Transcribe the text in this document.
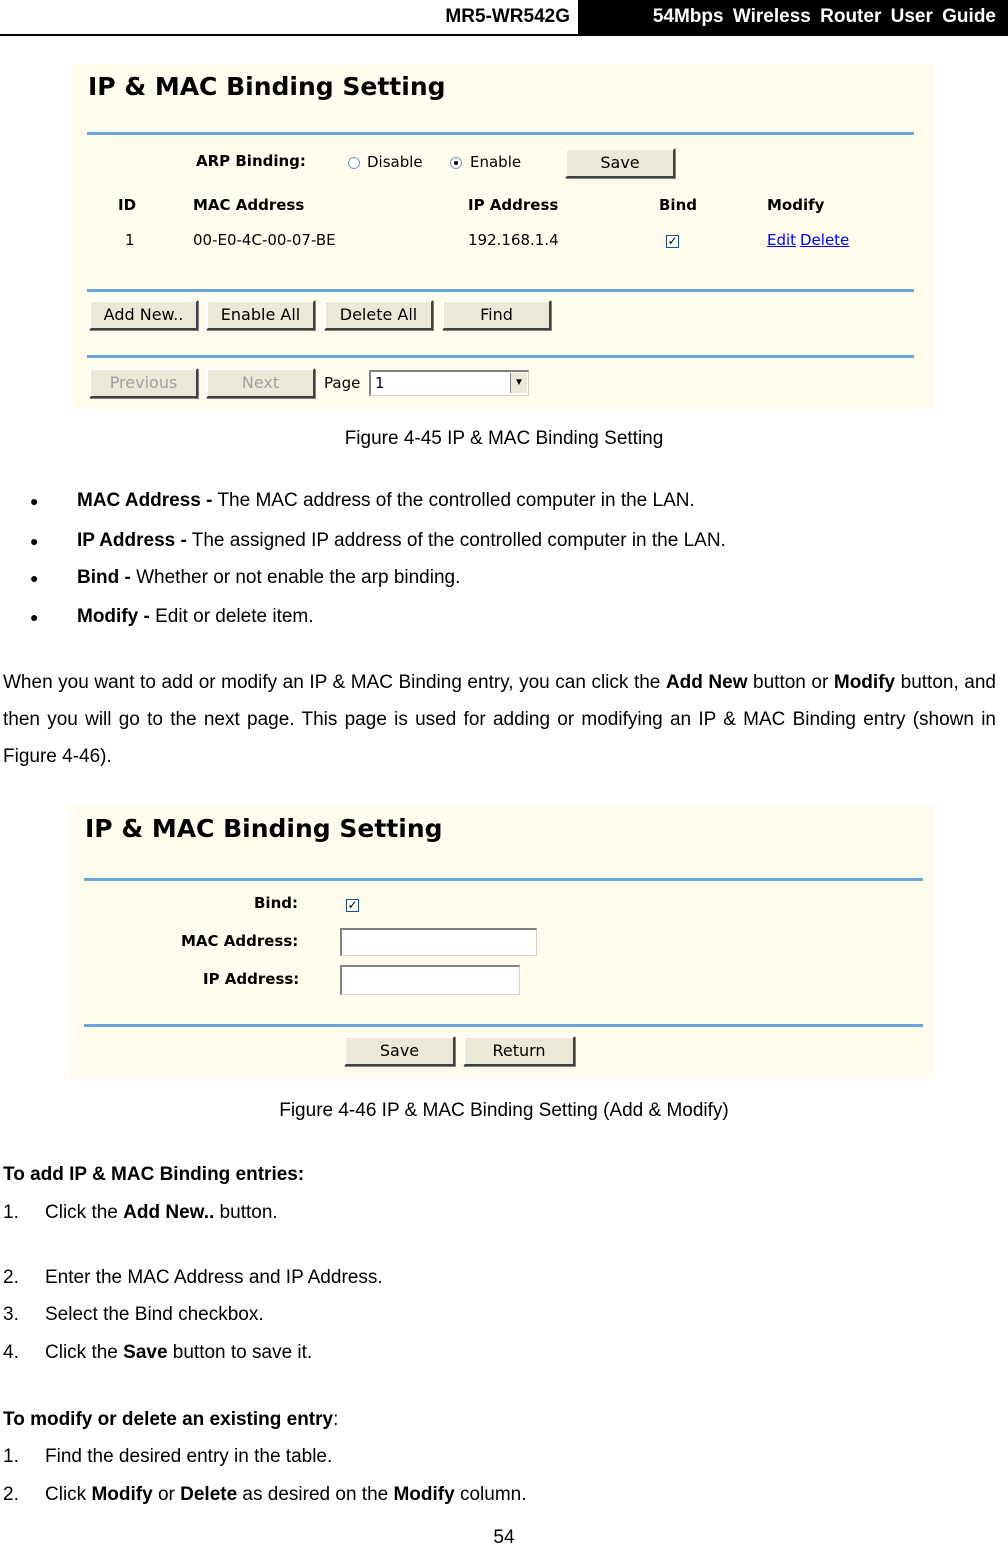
MR5-WR542G	54Mbps Wireless Router User Guide
IP & MAC Binding Setting
ARP Binding:	Disable	Enable	Save
ID	MAC Address	IP Address	Bind	Modify
1	00-E0-4C-00-07-BE	192.168.1.4	✓	Edit Delete
Add New..	Enable All	Delete All	Find
Previous	Next	Page 1	▼
Figure 4-45 IP & MAC Binding Setting
● MAC Address - The MAC address of the controlled computer in the LAN.
● IP Address - The assigned IP address of the controlled computer in the LAN.
● Bind - Whether or not enable the arp binding.
● Modify - Edit or delete item.
When you want to add or modify an IP & MAC Binding entry, you can click the Add New button or Modify button, and then you will go to the next page. This page is used for adding or modifying an IP & MAC Binding entry (shown in Figure 4-46).
IP & MAC Binding Setting
Bind:	✓
MAC Address:
IP Address:
Save	Return
Figure 4-46 IP & MAC Binding Setting (Add & Modify)
To add IP & MAC Binding entries:
1. Click the Add New.. button.
2. Enter the MAC Address and IP Address.
3. Select the Bind checkbox.
4. Click the Save button to save it.
To modify or delete an existing entry:
1. Find the desired entry in the table.
2. Click Modify or Delete as desired on the Modify column.
54
